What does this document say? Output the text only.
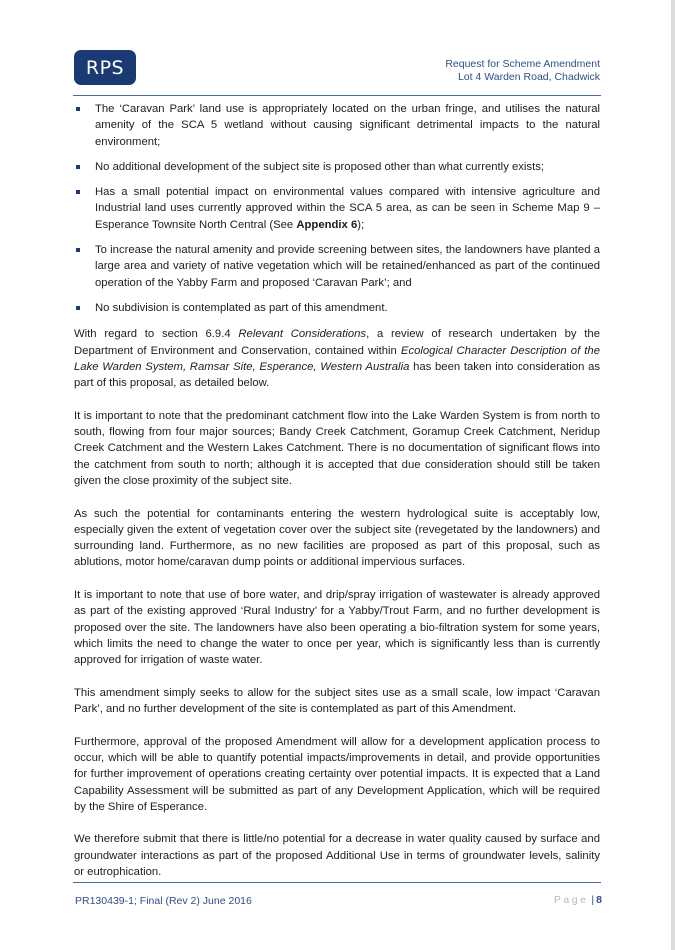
RPS	Request for Scheme Amendment
Lot 4 Warden Road, Chadwick
The ‘Caravan Park’ land use is appropriately located on the urban fringe, and utilises the natural amenity of the SCA 5 wetland without causing significant detrimental impacts to the natural environment;
No additional development of the subject site is proposed other than what currently exists;
Has a small potential impact on environmental values compared with intensive agriculture and Industrial land uses currently approved within the SCA 5 area, as can be seen in Scheme Map 9 – Esperance Townsite North Central (See Appendix 6);
To increase the natural amenity and provide screening between sites, the landowners have planted a large area and variety of native vegetation which will be retained/enhanced as part of the continued operation of the Yabby Farm and proposed ‘Caravan Park’; and
No subdivision is contemplated as part of this amendment.

With regard to section 6.9.4 Relevant Considerations, a review of research undertaken by the Department of Environment and Conservation, contained within Ecological Character Description of the Lake Warden System, Ramsar Site, Esperance, Western Australia has been taken into consideration as part of this proposal, as detailed below.

It is important to note that the predominant catchment flow into the Lake Warden System is from north to south, flowing from four major sources; Bandy Creek Catchment, Goramup Creek Catchment, Neridup Creek Catchment and the Western Lakes Catchment. There is no documentation of significant flows into the catchment from south to north; although it is accepted that due consideration should still be taken given the close proximity of the subject site.

As such the potential for contaminants entering the western hydrological suite is acceptably low, especially given the extent of vegetation cover over the subject site (revegetated by the landowners) and surrounding land. Furthermore, as no new facilities are proposed as part of this proposal, such as ablutions, motor home/caravan dump points or additional impervious surfaces.

It is important to note that use of bore water, and drip/spray irrigation of wastewater is already approved as part of the existing approved ‘Rural Industry’ for a Yabby/Trout Farm, and no further development is proposed over the site. The landowners have also been operating a bio-filtration system for some years, which limits the need to change the water to once per year, which is significantly less than is currently approved for irrigation of waste water.

This amendment simply seeks to allow for the subject sites use as a small scale, low impact ‘Caravan Park’, and no further development of the site is contemplated as part of this Amendment.

Furthermore, approval of the proposed Amendment will allow for a development application process to occur, which will be able to quantify potential impacts/improvements in detail, and provide opportunities for further improvement of operations creating certainty over potential impacts. It is expected that a Land Capability Assessment will be submitted as part of any Development Application, which will be required by the Shire of Esperance.

We therefore submit that there is little/no potential for a decrease in water quality caused by surface and groundwater interactions as part of the proposed Additional Use in terms of groundwater levels, salinity or eutrophication.

PR130439-1; Final (Rev 2) June 2016	Page | 8
